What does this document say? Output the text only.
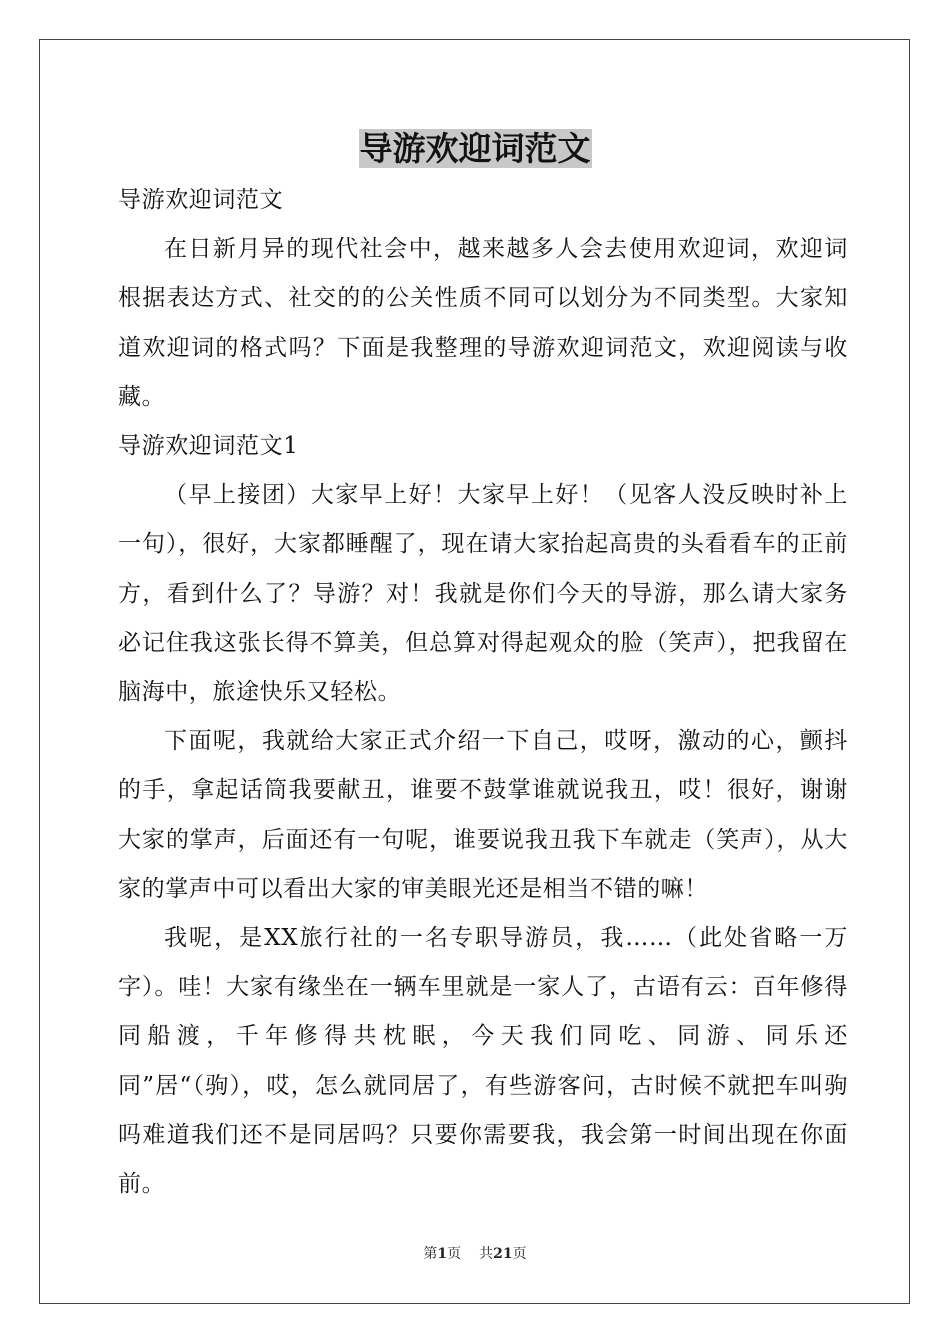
导游欢迎词范文

导游欢迎词范文

在日新月异的现代社会中，越来越多人会去使用欢迎词，欢迎词根据表达方式、社交的的公关性质不同可以划分为不同类型。大家知道欢迎词的格式吗？下面是我整理的导游欢迎词范文，欢迎阅读与收藏。

导游欢迎词范文1

（早上接团）大家早上好！大家早上好！（见客人没反映时补上一句），很好，大家都睡醒了，现在请大家抬起高贵的头看看车的正前方，看到什么了？导游？对！我就是你们今天的导游，那么请大家务必记住我这张长得不算美，但总算对得起观众的脸（笑声），把我留在脑海中，旅途快乐又轻松。

下面呢，我就给大家正式介绍一下自己，哎呀，激动的心，颤抖的手，拿起话筒我要献丑，谁要不鼓掌谁就说我丑，哎！很好，谢谢大家的掌声，后面还有一句呢，谁要说我丑我下车就走（笑声），从大家的掌声中可以看出大家的审美眼光还是相当不错的嘛！

我呢，是XX旅行社的一名专职导游员，我……（此处省略一万字）。哇！大家有缘坐在一辆车里就是一家人了，古语有云：百年修得同船渡，千年修得共枕眠，今天我们同吃、同游、同乐还同”居“（驹），哎，怎么就同居了，有些游客问，古时候不就把车叫驹吗难道我们还不是同居吗？只要你需要我，我会第一时间出现在你面前。

第1页 共21页
